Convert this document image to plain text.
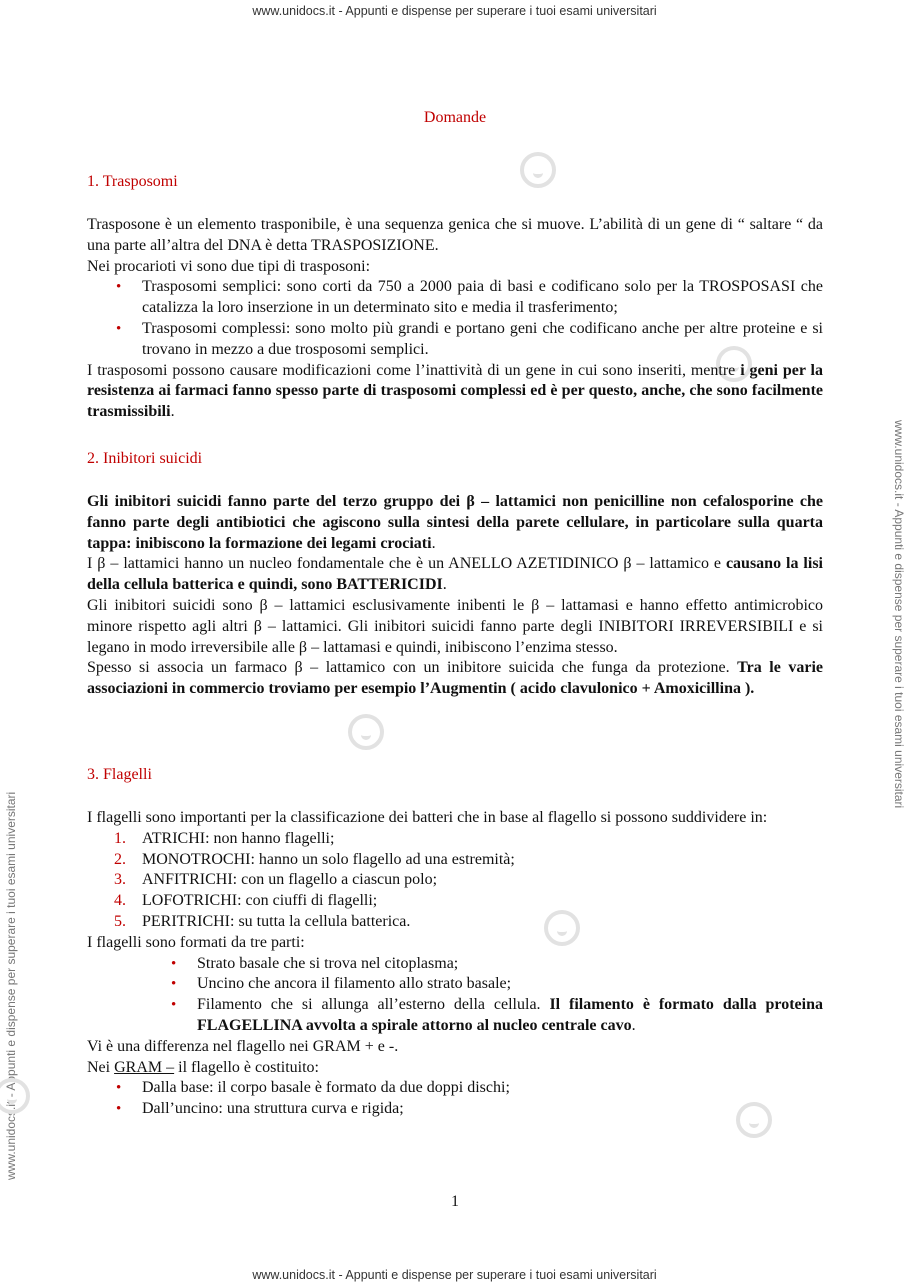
www.unidocs.it - Appunti e dispense per superare i tuoi esami universitari
www.unidocs.it - Appunti e dispense per superare i tuoi esami universitari
www.unidocs.it - Appunti e dispense per superare i tuoi esami universitari
www.unidocs.it - Appunti e dispense per superare i tuoi esami universitari
Domande
1. Trasposomi

Trasposone è un elemento trasponibile, è una sequenza genica che si muove. L’abilità di un gene di “ saltare “ da una parte all’altra del DNA è detta TRASPOSIZIONE.

Nei procarioti vi sono due tipi di trasposoni:

• Trasposomi semplici: sono corti da 750 a 2000 paia di basi e codificano solo per la TROSPOSASI che catalizza la loro inserzione in un determinato sito e media il trasferimento;
• Trasposomi complessi: sono molto più grandi e portano geni che codificano anche per altre proteine e si trovano in mezzo a due trosposomi semplici.

I trasposomi possono causare modificazioni come l’inattività di un gene in cui sono inseriti, mentre i geni per la resistenza ai farmaci fanno spesso parte di trasposomi complessi ed è per questo, anche, che sono facilmente trasmissibili.

2. Inibitori suicidi

Gli inibitori suicidi fanno parte del terzo gruppo dei β – lattamici non penicilline non cefalosporine che fanno parte degli antibiotici che agiscono sulla sintesi della parete cellulare, in particolare sulla quarta tappa: inibiscono la formazione dei legami crociati.

I β – lattamici hanno un nucleo fondamentale che è un ANELLO AZETIDINICO β – lattamico e causano la lisi della cellula batterica e quindi, sono BATTERICIDI.

Gli inibitori suicidi sono β – lattamici esclusivamente inibenti le β – lattamasi e hanno effetto antimicrobico minore rispetto agli altri β – lattamici. Gli inibitori suicidi fanno parte degli INIBITORI IRREVERSIBILI e si legano in modo irreversibile alle β – lattamasi e quindi, inibiscono l’enzima stesso.

Spesso si associa un farmaco β – lattamico con un inibitore suicida che funga da protezione. Tra le varie associazioni in commercio troviamo per esempio l’Augmentin ( acido clavulonico + Amoxicillina ).

3. Flagelli

I flagelli sono importanti per la classificazione dei batteri che in base al flagello si possono suddividere in:

1. ATRICHI: non hanno flagelli;
2. MONOTROCHI: hanno un solo flagello ad una estremità;
3. ANFITRICHI: con un flagello a ciascun polo;
4. LOFOTRICHI: con ciuffi di flagelli;
5. PERITRICHI: su tutta la cellula batterica.

I flagelli sono formati da tre parti:

• Strato basale che si trova nel citoplasma;
• Uncino che ancora il filamento allo strato basale;
• Filamento che si allunga all’esterno della cellula. Il filamento è formato dalla proteina FLAGELLINA avvolta a spirale attorno al nucleo centrale cavo.

Vi è una differenza nel flagello nei GRAM + e -.

Nei GRAM – il flagello è costituito:

• Dalla base: il corpo basale è formato da due doppi dischi;
• Dall’uncino: una struttura curva e rigida;
1
